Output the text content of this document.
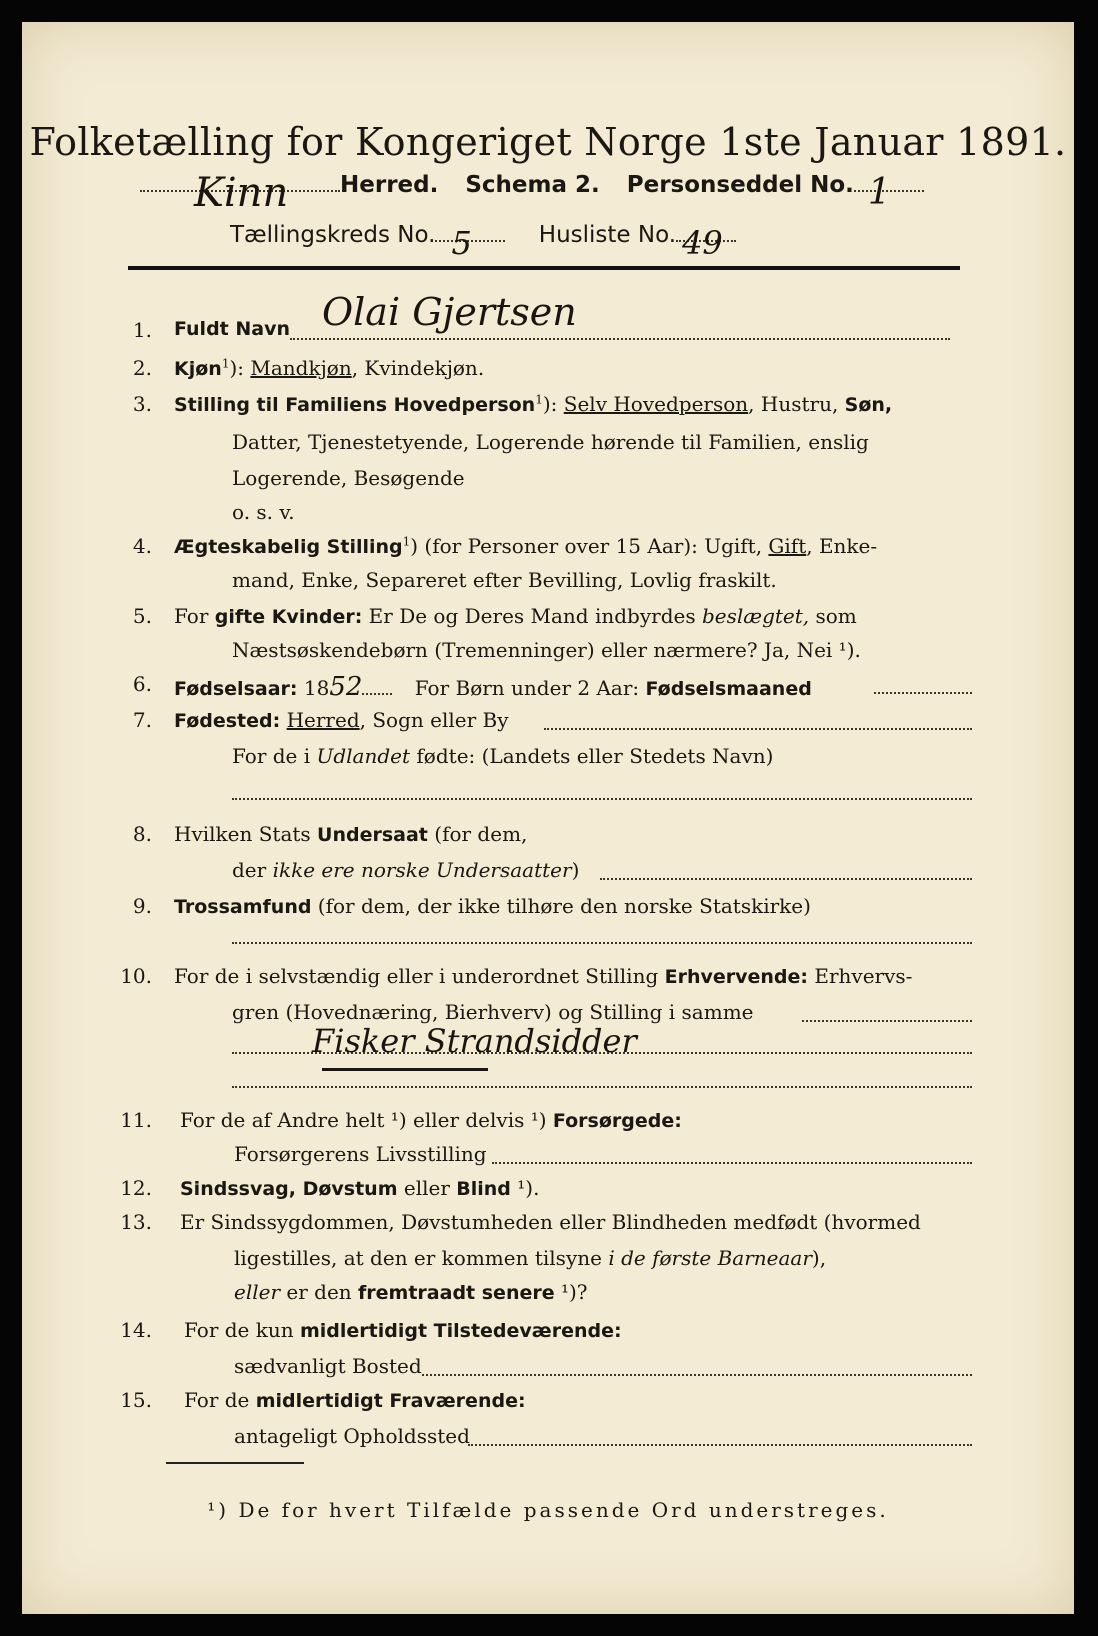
Folketælling for Kongeriget Norge 1ste Januar 1891.
Kinn Herred. Schema 2. Personseddel No. 1
Tællingskreds No. 5	Husliste No. 49
1. Fuldt Navn Olai Gjertsen
2. Kjøn$^1$): Mandkjøn, Kvindekjøn.
3. Stilling til Familiens Hovedperson$^1$): Selv Hovedperson, Hustru, Søn,
Datter, Tjenestetyende, Logerende hørende til Familien, enslig
Logerende, Besøgende
o. s. v.
4. Ægteskabelig Stilling$^1$) (for Personer over 15 Aar): Ugift, Gift, Enke-
mand, Enke, Separeret efter Bevilling, Lovlig fraskilt.
5. For gifte Kvinder: Er De og Deres Mand indbyrdes beslægtet, som
Næstsøskendebørn (Tremenninger) eller nærmere? Ja, Nei ¹).
6. Fødselsaar: 1852	For Børn under 2 Aar: Fødselsmaaned
7. Fødested: Herred, Sogn eller By
For de i Udlandet fødte: (Landets eller Stedets Navn)
8. Hvilken Stats Undersaat (for dem,
der ikke ere norske Undersaatter)
9. Trossamfund (for dem, der ikke tilhøre den norske Statskirke)
10. For de i selvstændig eller i underordnet Stilling Erhvervende: Erhvervs-
gren (Hovednæring, Bierhverv) og Stilling i samme
Fisker Strandsidder
11. For de af Andre helt ¹) eller delvis ¹) Forsørgede:
Forsørgerens Livsstilling
12. Sindssvag, Døvstum eller Blind ¹).
13. Er Sindssygdommen, Døvstumheden eller Blindheden medfødt (hvormed
ligestilles, at den er kommen tilsyne i de første Barneaar),
eller er den fremtraadt senere ¹)?
14. For de kun midlertidigt Tilstedeværende:
sædvanligt Bosted
15. For de midlertidigt Fraværende:
antageligt Opholdssted
¹) De for hvert Tilfælde passende Ord understreges.
